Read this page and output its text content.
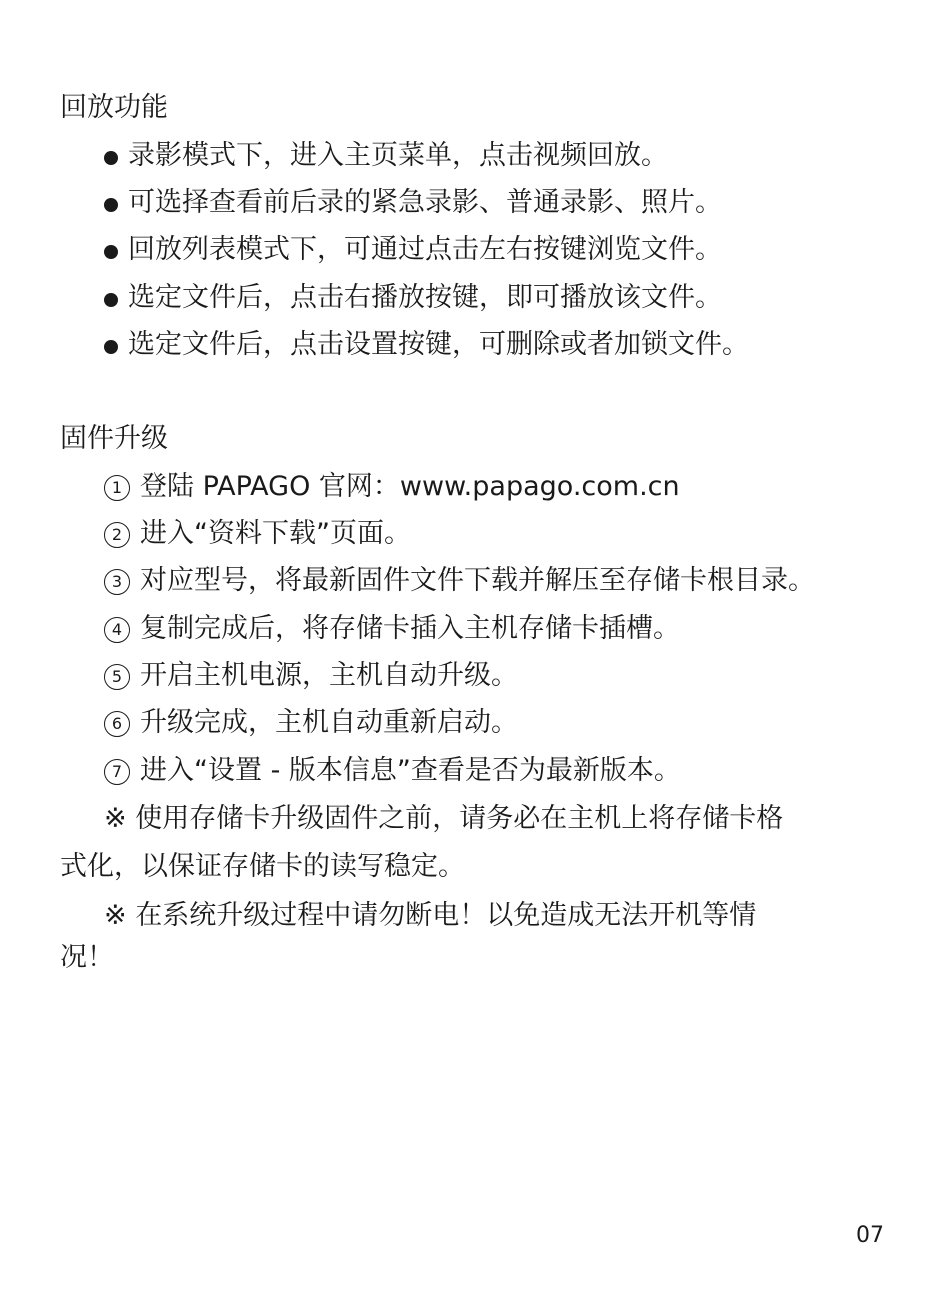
回放功能
录影模式下，进入主页菜单，点击视频回放。
可选择查看前后录的紧急录影、普通录影、照片。
回放列表模式下，可通过点击左右按键浏览文件。
选定文件后，点击右播放按键，即可播放该文件。
选定文件后，点击设置按键，可删除或者加锁文件。
固件升级
1 登陆 PAPAGO 官网：www.papago.com.cn
2 进入“资料下载”页面。
3 对应型号，将最新固件文件下载并解压至存储卡根目录。
4 复制完成后，将存储卡插入主机存储卡插槽。
5 开启主机电源，主机自动升级。
6 升级完成，主机自动重新启动。
7 进入“设置 - 版本信息”查看是否为最新版本。
※ 使用存储卡升级固件之前，请务必在主机上将存储卡格
式化，以保证存储卡的读写稳定。
※ 在系统升级过程中请勿断电！以免造成无法开机等情
况！
07
